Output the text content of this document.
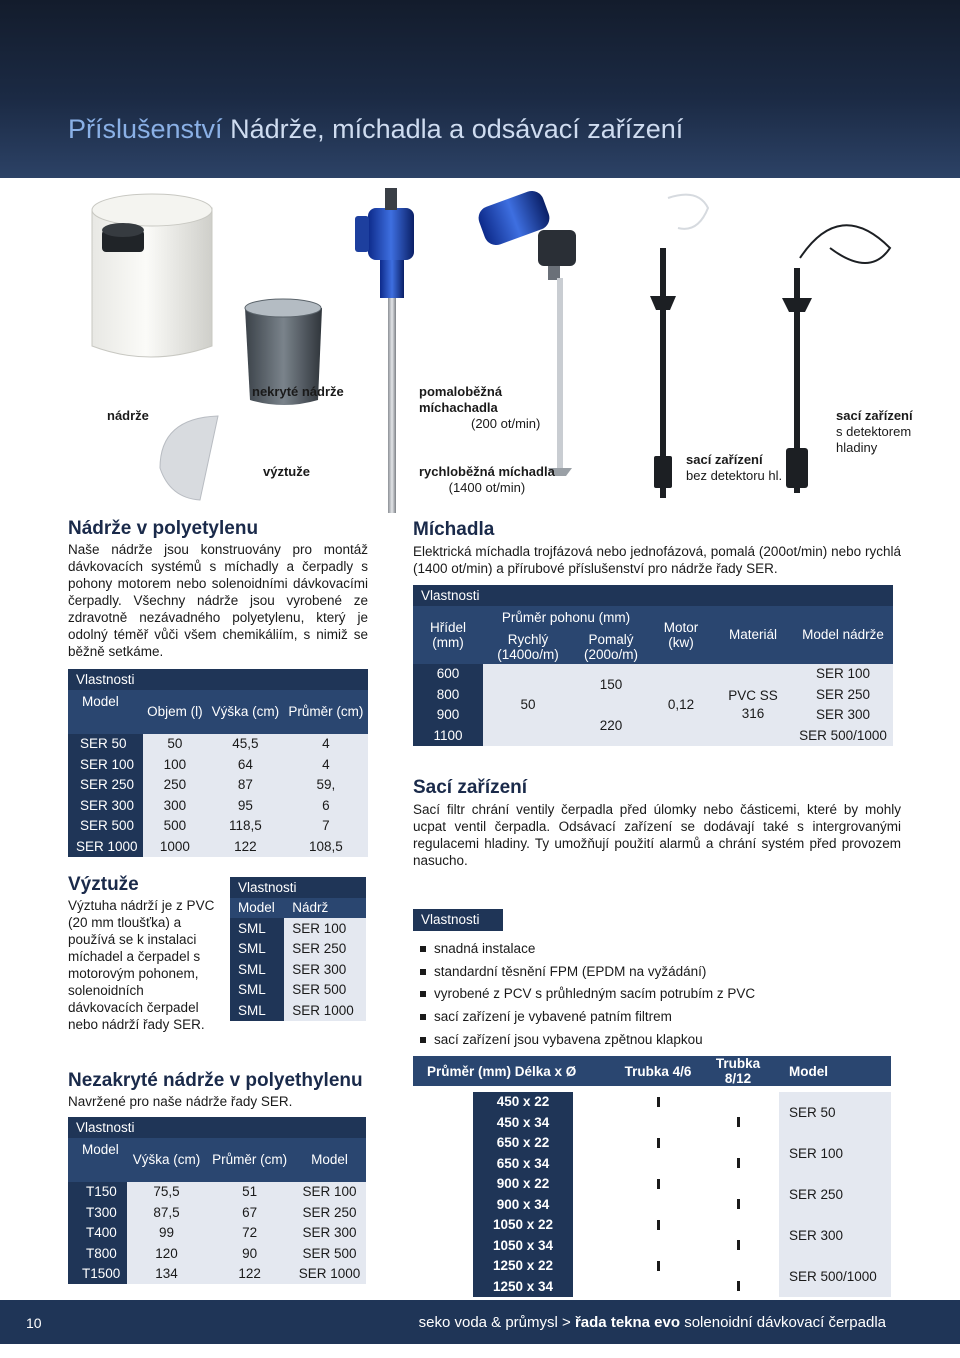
Příslušenství Nádrže, míchadla a odsávací zařízení
nádrže
nekryté nádrže
výztuže
pomaloběžná míchachadla
(200 ot/min)
rychloběžná míchadla
(1400 ot/min)
sací zařízení
bez detektoru hl.
sací zařízení
s detektorem hladiny
Nádrže v polyetylenu
Naše nádrže jsou konstruovány pro montáž dávkovacích systémů s míchadly a čerpadly s pohony motorem nebo solenoidními dávkovacími čerpadly. Všechny nádrže jsou vyrobené ze zdravotně nezávadného polyetylenu, který je odolný téměř vůči všem chemikáliím, s nimiž se běžně setkáme.
Vlastnosti			
Model	Objem (l)	Výška (cm)	Průměr (cm)
SER 50	50	45,5	4
SER 100	100	64	4
SER 250	250	87	59,
SER 300	300	95	6
SER 500	500	118,5	7
SER 1000	1000	122	108,5
Výztuže
Výztuha nádrží je z PVC (20 mm tloušťka) a používá se k instalaci míchadel a čerpadel s motorovým pohonem, solenoidních dávkovacích čerpadel nebo nádrží řady SER.
Vlastnosti	
Model	Nádrž
SML	SER 100
SML	SER 250
SML	SER 300
SML	SER 500
SML	SER 1000
Nezakryté nádrže v polyethylenu
Navržené pro naše nádrže řady SER.
Vlastnosti			
Model	Výška (cm)	Průměr (cm)	Model
T150	75,5	51	SER 100
T300	87,5	67	SER 250
T400	99	72	SER 300
T800	120	90	SER 500
T1500	134	122	SER 1000
Míchadla
Elektrická míchadla trojfázová nebo jednofázová, pomalá (200ot/min) nebo rychlá (1400 ot/min) a přírubové příslušenství pro nádrže řady SER.
Vlastnosti					
Hřídel (mm)	Průměr pohonu (mm)		Motor (kw)	Materiál	Model nádrže
	Rychlý (1400o/m)	Pomalý (200o/m)			
600	50	150	0,12	PVC SS 316	SER 100
800					SER 250
900		220			SER 300
1100					SER 500/1000
Sací zařízení
Sací filtr chrání ventily čerpadla před úlomky nebo částicemi, které by mohly ucpat ventil čerpadla. Odsávací zařízení se dodávají také s intergrovanými regulacemi hladiny. Ty umožňují použití alarmů a chrání systém před provozem nasucho.
Vlastnosti
snadná instalace
standardní těsnění FPM (EPDM na vyžádání)
vyrobené z PCV s průhledným sacím potrubím z PVC
sací zařízení je vybavené patním filtrem
sací zařízení jsou vybavena zpětnou klapkou
Průměr (mm) Délka x Ø	Trubka 4/6	Trubka 8/12	Model

450 x 22			SER 50

450 x 34			

650 x 22			SER 100

650 x 34			

900 x 22			SER 250

900 x 34			

1050 x 22			SER 300

1050 x 34			

1250 x 22			SER 500/1000

1250 x 34			

10	seko voda & průmysl > řada tekna evo solenoidní dávkovací čerpadla
